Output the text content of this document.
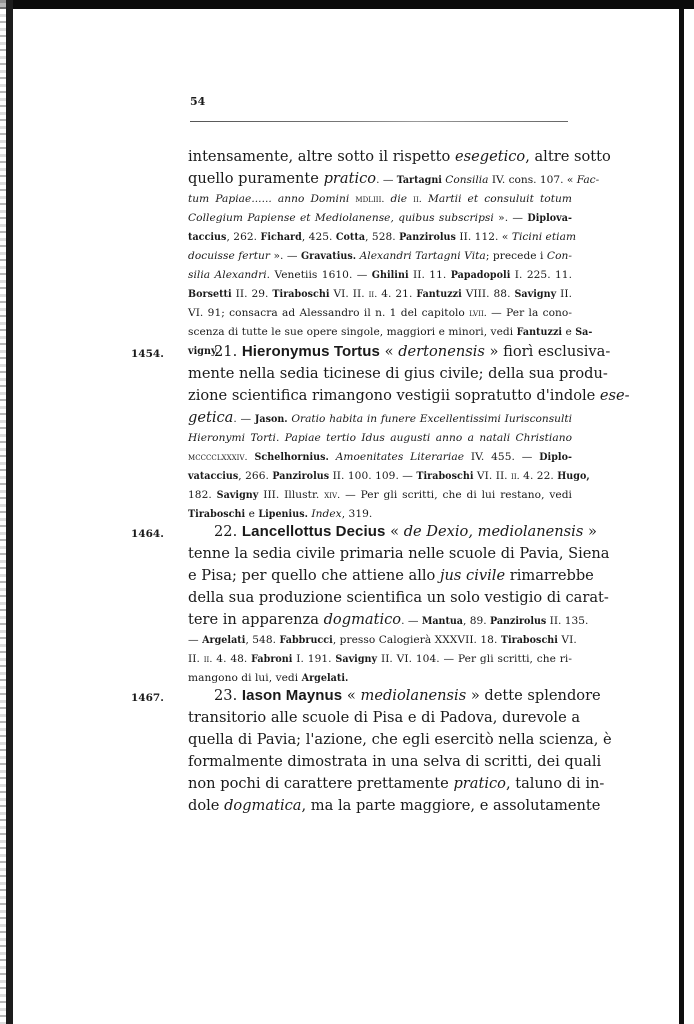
54
intensamente, altre sotto il rispetto esegetico, altre sotto
quello puramente pratico. — Tartagni Consilia IV. cons. 107. « Fac-
tum Papiae...... anno Domini mdliii. die ii. Martii et consuluit totum
Collegium Papiense et Mediolanense, quibus subscripsi ». — Diplova-
taccius, 262. Fichard, 425. Cotta, 528. Panzirolus II. 112. « Ticini etiam
docuisse fertur ». — Gravatius. Alexandri Tartagni Vita; precede i Con-
silia Alexandri. Venetiis 1610. — Ghilini II. 11. Papadopoli I. 225. 11.
Borsetti II. 29. Tiraboschi VI. II. ii. 4. 21. Fantuzzi VIII. 88. Savigny II.
VI. 91; consacra ad Alessandro il n. 1 del capitolo lvii. — Per la cono-
scenza di tutte le sue opere singole, maggiori e minori, vedi Fantuzzi e Sa-
vigny.
1454.	21. Hieronymus Tortus « dertonensis » fiorì esclusiva-
mente nella sedia ticinese di gius civile; della sua produ-
zione scientifica rimangono vestigii sopratutto d'indole ese-
getica. — Jason. Oratio habita in funere Excellentissimi Iurisconsulti
Hieronymi Torti. Papiae tertio Idus augusti anno a natali Christiano
mcccclxxxiv. Schelhornius. Amoenitates Literariae IV. 455. — Diplo-
vataccius, 266. Panzirolus II. 100. 109. — Tiraboschi VI. II. ii. 4. 22. Hugo,
182. Savigny III. Illustr. xiv. — Per gli scritti, che di lui restano, vedi
Tiraboschi e Lipenius. Index, 319.
1464.	22. Lancellottus Decius « de Dexio, mediolanensis »
tenne la sedia civile primaria nelle scuole di Pavia, Siena
e Pisa; per quello che attiene allo jus civile rimarrebbe
della sua produzione scientifica un solo vestigio di carat-
tere in apparenza dogmatico. — Mantua, 89. Panzirolus II. 135.
— Argelati, 548. Fabbrucci, presso Calogierà XXXVII. 18. Tiraboschi VI.
II. ii. 4. 48. Fabroni I. 191. Savigny II. VI. 104. — Per gli scritti, che ri-
mangono di lui, vedi Argelati.
1467.	23. Iason Maynus « mediolanensis » dette splendore
transitorio alle scuole di Pisa e di Padova, durevole a
quella di Pavia; l'azione, che egli esercitò nella scienza, è
formalmente dimostrata in una selva di scritti, dei quali
non pochi di carattere prettamente pratico, taluno di in-
dole dogmatica, ma la parte maggiore, e assolutamente
